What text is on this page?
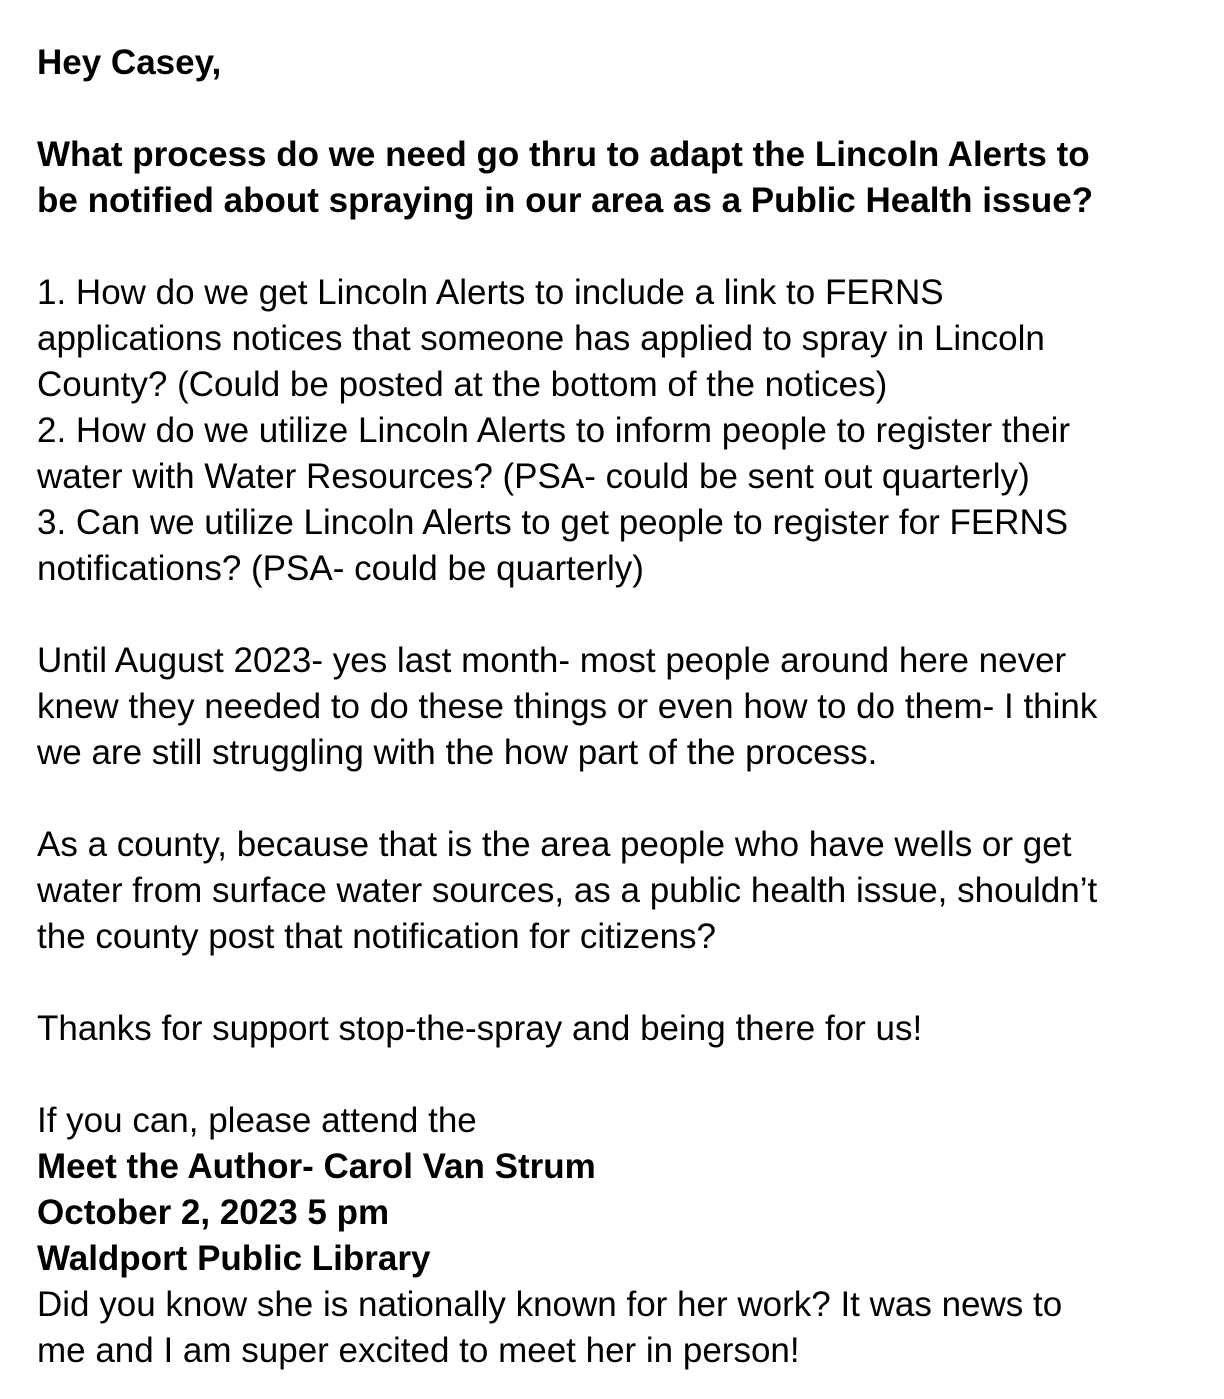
Hey Casey,
What process do we need go thru to adapt the Lincoln Alerts to
be notified about spraying in our area as a Public Health issue?
1. How do we get Lincoln Alerts to include a link to FERNS
applications notices that someone has applied to spray in Lincoln
County? (Could be posted at the bottom of the notices)
2. How do we utilize Lincoln Alerts to inform people to register their
water with Water Resources? (PSA- could be sent out quarterly)
3. Can we utilize Lincoln Alerts to get people to register for FERNS
notifications? (PSA- could be quarterly)
Until August 2023- yes last month- most people around here never
knew they needed to do these things or even how to do them- I think
we are still struggling with the how part of the process.
As a county, because that is the area people who have wells or get
water from surface water sources, as a public health issue, shouldn’t
the county post that notification for citizens?
Thanks for support stop-the-spray and being there for us!
If you can, please attend the
Meet the Author- Carol Van Strum
October 2, 2023 5 pm
Waldport Public Library
Did you know she is nationally known for her work? It was news to
me and I am super excited to meet her in person!
